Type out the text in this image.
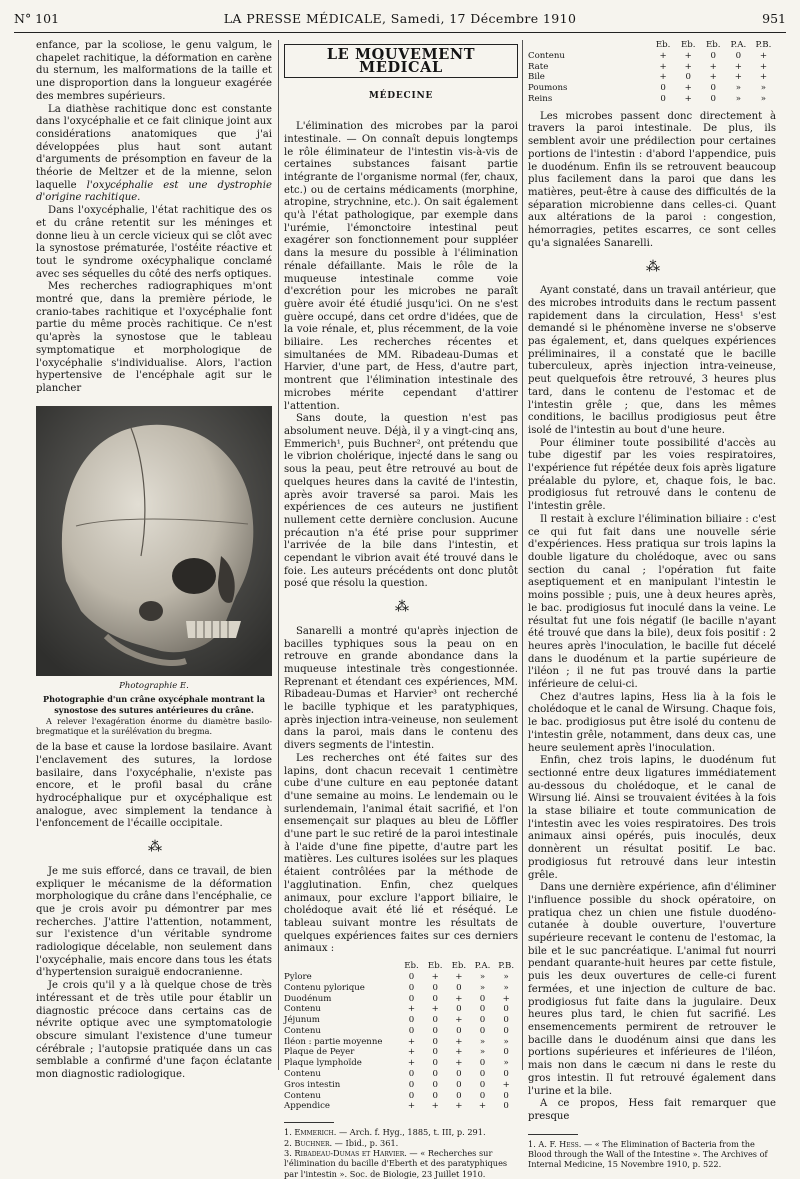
N° 101	LA PRESSE MÉDICALE, Samedi, 17 Décembre 1910	951

enfance, par la scoliose, le genu valgum, le chapelet rachitique, la déformation en carène du sternum, les malformations de la taille et une disproportion dans la longueur exagérée des membres supérieurs.

La diathèse rachitique donc est constante dans l'oxycéphalie et ce fait clinique joint aux considérations anatomiques que j'ai développées plus haut sont autant d'arguments de présomption en faveur de la théorie de Meltzer et de la mienne, selon laquelle l'oxycéphalie est une dystrophie d'origine rachitique.

Dans l'oxycéphalie, l'état rachitique des os et du crâne retentit sur les méninges et donne lieu à un cercle vicieux qui se clôt avec la synostose prématurée, l'ostéite réactive et tout le syndrome oxécyphalique conclamé avec ses séquelles du côté des nerfs optiques.

Mes recherches radiographiques m'ont montré que, dans la première période, le cranio-tabes rachitique et l'oxycéphalie font partie du même procès rachitique. Ce n'est qu'après la synostose que le tableau symptomatique et morphologique de l'oxycéphalie s'individualise. Alors, l'action hypertensive de l'encéphale agit sur le plancher

Photographie E.
Photographie d'un crâne oxycéphale montrant la synostose des sutures antérieures du crâne.
A relever l'exagération énorme du diamètre basilo-bregmatique et la surélévation du bregma.

de la base et cause la lordose basilaire. Avant l'enclavement des sutures, la lordose basilaire, dans l'oxycéphalie, n'existe pas encore, et le profil basal du crâne hydrocéphalique pur et oxycéphalique est analogue, avec simplement la tendance à l'enfoncement de l'écaille occipitale.

⁂

Je me suis efforcé, dans ce travail, de bien expliquer le mécanisme de la déformation morphologique du crâne dans l'encéphalie, ce que je crois avoir pu démontrer par mes recherches. J'attire l'attention, notamment, sur l'existence d'un véritable syndrome radiologique décelable, non seulement dans l'oxycéphalie, mais encore dans tous les états d'hypertension suraiguë endocranienne.

Je crois qu'il y a là quelque chose de très intéressant et de très utile pour établir un diagnostic précoce dans certains cas de névrite optique avec une symptomatologie obscure simulant l'existence d'une tumeur cérébrale ; l'autopsie pratiquée dans un cas semblable a confirmé d'une façon éclatante mon diagnostic radiologique.

LE MOUVEMENT MÉDICAL
MÉDECINE

L'élimination des microbes par la paroi intestinale. — On connaît depuis longtemps le rôle éliminateur de l'intestin vis-à-vis de certaines substances faisant partie intégrante de l'organisme normal (fer, chaux, etc.) ou de certains médicaments (morphine, atropine, strychnine, etc.). On sait également qu'à l'état pathologique, par exemple dans l'urémie, l'émonctoire intestinal peut exagérer son fonctionnement pour suppléer dans la mesure du possible à l'élimination rénale défaillante. Mais le rôle de la muqueuse intestinale comme voie d'excrétion pour les microbes ne paraît guère avoir été étudié jusqu'ici. On ne s'est guère occupé, dans cet ordre d'idées, que de la voie rénale, et, plus récemment, de la voie biliaire. Les recherches récentes et simultanées de MM. Ribadeau-Dumas et Harvier, d'une part, de Hess, d'autre part, montrent que l'élimination intestinale des microbes mérite cependant d'attirer l'attention.

Sans doute, la question n'est pas absolument neuve. Déjà, il y a vingt-cinq ans, Emmerich¹, puis Buchner², ont prétendu que le vibrion cholérique, injecté dans le sang ou sous la peau, peut être retrouvé au bout de quelques heures dans la cavité de l'intestin, après avoir traversé sa paroi. Mais les expériences de ces auteurs ne justifient nullement cette dernière conclusion. Aucune précaution n'a été prise pour supprimer l'arrivée de la bile dans l'intestin, et cependant le vibrion avait été trouvé dans le foie. Les auteurs précédents ont donc plutôt posé que résolu la question.

⁂

Sanarelli a montré qu'après injection de bacilles typhiques sous la peau on en retrouve en grande abondance dans la muqueuse intestinale très congestionnée. Reprenant et étendant ces expériences, MM. Ribadeau-Dumas et Harvier³ ont recherché le bacille typhique et les paratyphiques, après injection intra-veineuse, non seulement dans la paroi, mais dans le contenu des divers segments de l'intestin.

Les recherches ont été faites sur des lapins, dont chacun recevait 1 centimètre cube d'une culture en eau peptonée datant d'une semaine au moins. Le lendemain ou le surlendemain, l'animal était sacrifié, et l'on ensemençait sur plaques au bleu de Löffler d'une part le suc retiré de la paroi intestinale à l'aide d'une fine pipette, d'autre part les matières. Les cultures isolées sur les plaques étaient contrôlées par la méthode de l'agglutination. Enfin, chez quelques animaux, pour exclure l'apport biliaire, le cholédoque avait été lié et réséqué. Le tableau suivant montre les résultats de quelques expériences faites sur ces derniers animaux :

	Eb.	Eb.	Eb.	P.A.	P.B.
Pylore	0	+	+	»	»
Contenu pylorique	0	0	0	»	»
Duodénum	0	0	+	0	+
Contenu	+	+	0	0	0
Jéjunum	0	0	+	0	0
Contenu	0	0	0	0	0
Iléon : partie moyenne	+	0	+	»	»
Plaque de Peyer	+	0	+	»	0
Plaque lymphoïde	+	0	+	0	»
Contenu	0	0	0	0	0
Gros intestin	0	0	0	0	+
Contenu	0	0	0	0	0
Appendice	+	+	+	+	0
1. Emmerich. — Arch. f. Hyg., 1885, t. III, p. 291.
2. Buchner. — Ibid., p. 361.
3. Ribadeau-Dumas et Harvier. — « Recherches sur l'élimination du bacille d'Eberth et des paratyphiques par l'intestin ». Soc. de Biologie, 23 Juillet 1910.
	Eb.	Eb.	Eb.	P.A.	P.B.
Contenu	+	+	0	0	+
Rate	+	+	+	+	+
Bile	+	0	+	+	+
Poumons	0	+	0	»	»
Reins	0	+	0	»	»

Les microbes passent donc directement à travers la paroi intestinale. De plus, ils semblent avoir une prédilection pour certaines portions de l'intestin : d'abord l'appendice, puis le duodénum. Enfin ils se retrouvent beaucoup plus facilement dans la paroi que dans les matières, peut-être à cause des difficultés de la séparation microbienne dans celles-ci. Quant aux altérations de la paroi : congestion, hémorragies, petites escarres, ce sont celles qu'a signalées Sanarelli.

⁂

Ayant constaté, dans un travail antérieur, que des microbes introduits dans le rectum passent rapidement dans la circulation, Hess¹ s'est demandé si le phénomène inverse ne s'observe pas également, et, dans quelques expériences préliminaires, il a constaté que le bacille tuberculeux, après injection intra-veineuse, peut quelquefois être retrouvé, 3 heures plus tard, dans le contenu de l'estomac et de l'intestin grêle ; que, dans les mêmes conditions, le bacillus prodigiosus peut être isolé de l'intestin au bout d'une heure.

Pour éliminer toute possibilité d'accès au tube digestif par les voies respiratoires, l'expérience fut répétée deux fois après ligature préalable du pylore, et, chaque fois, le bac. prodigiosus fut retrouvé dans le contenu de l'intestin grêle.

Il restait à exclure l'élimination biliaire : c'est ce qui fut fait dans une nouvelle série d'expériences. Hess pratiqua sur trois lapins la double ligature du cholédoque, avec ou sans section du canal ; l'opération fut faite aseptiquement et en manipulant l'intestin le moins possible ; puis, une à deux heures après, le bac. prodigiosus fut inoculé dans la veine. Le résultat fut une fois négatif (le bacille n'ayant été trouvé que dans la bile), deux fois positif : 2 heures après l'inoculation, le bacille fut décelé dans le duodénum et la partie supérieure de l'iléon ; il ne fut pas trouvé dans la partie inférieure de celui-ci.

Chez d'autres lapins, Hess lia à la fois le cholédoque et le canal de Wirsung. Chaque fois, le bac. prodigiosus put être isolé du contenu de l'intestin grêle, notamment, dans deux cas, une heure seulement après l'inoculation.

Enfin, chez trois lapins, le duodénum fut sectionné entre deux ligatures immédiatement au-dessous du cholédoque, et le canal de Wirsung lié. Ainsi se trouvaient évitées à la fois la stase biliaire et toute communication de l'intestin avec les voies respiratoires. Des trois animaux ainsi opérés, puis inoculés, deux donnèrent un résultat positif. Le bac. prodigiosus fut retrouvé dans leur intestin grêle.

Dans une dernière expérience, afin d'éliminer l'influence possible du shock opératoire, on pratiqua chez un chien une fistule duodéno-cutanée à double ouverture, l'ouverture supérieure recevant le contenu de l'estomac, la bile et le suc pancréatique. L'animal fut nourri pendant quarante-huit heures par cette fistule, puis les deux ouvertures de celle-ci furent fermées, et une injection de culture de bac. prodigiosus fut faite dans la jugulaire. Deux heures plus tard, le chien fut sacrifié. Les ensemencements permirent de retrouver le bacille dans le duodénum ainsi que dans les portions supérieures et inférieures de l'iléon, mais non dans le cæcum ni dans le reste du gros intestin. Il fut retrouvé également dans l'urine et la bile.

A ce propos, Hess fait remarquer que presque

1. A. F. Hess. — « The Elimination of Bacteria from the Blood through the Wall of the Intestine ». The Archives of Internal Medicine, 15 Novembre 1910, p. 522.
